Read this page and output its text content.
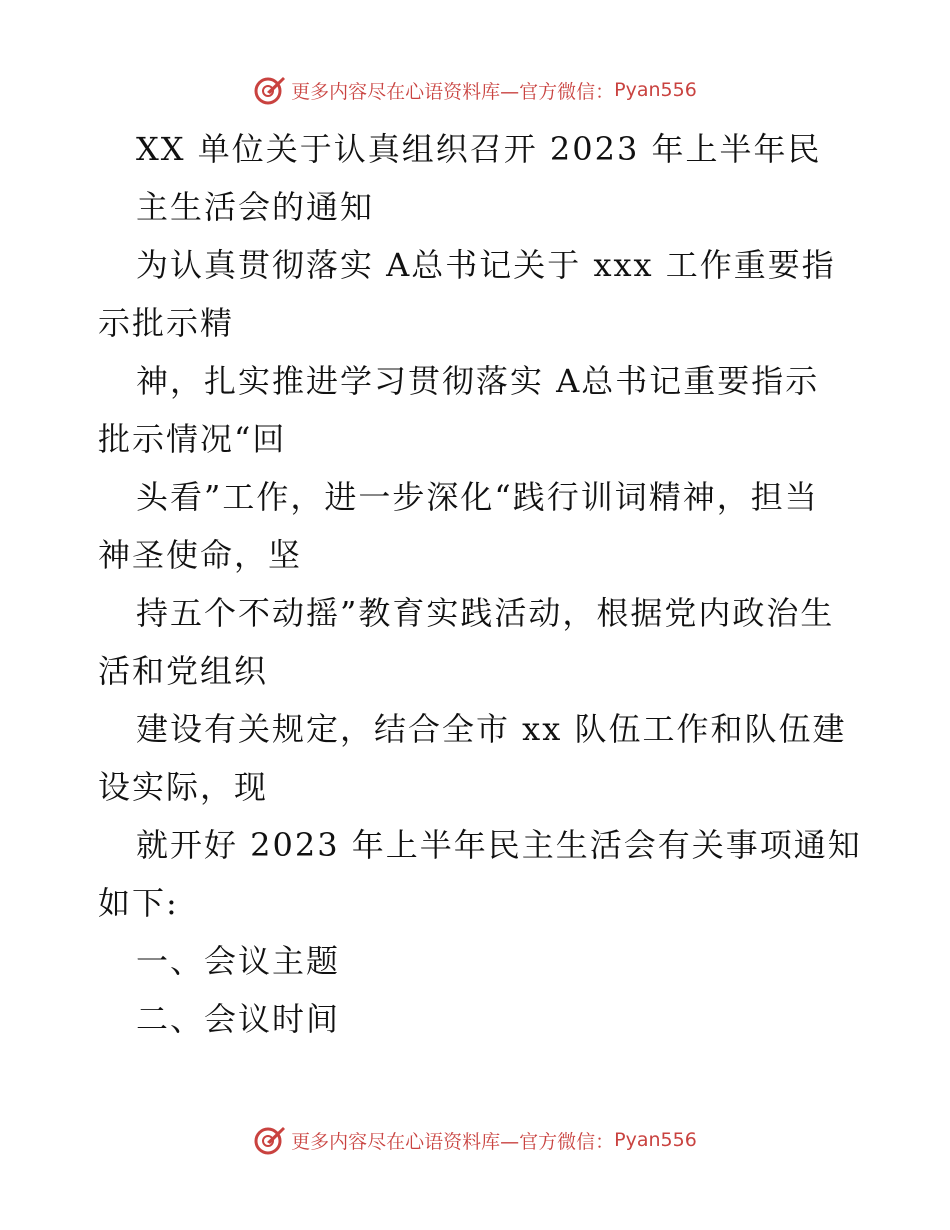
更多内容尽在心语资料库—官方微信： Pyan556
XX 单位关于认真组织召开 2023 年上半年民
主生活会的通知
为认真贯彻落实 A总书记关于 xxx 工作重要指
示批示精
神，扎实推进学习贯彻落实 A总书记重要指示
批示情况“回
头看”工作，进一步深化“践行训词精神，担当
神圣使命，坚
持五个不动摇”教育实践活动，根据党内政治生
活和党组织
建设有关规定，结合全市 xx 队伍工作和队伍建
设实际，现
就开好 2023 年上半年民主生活会有关事项通知
如下:
一、会议主题
二、会议时间
更多内容尽在心语资料库—官方微信： Pyan556
